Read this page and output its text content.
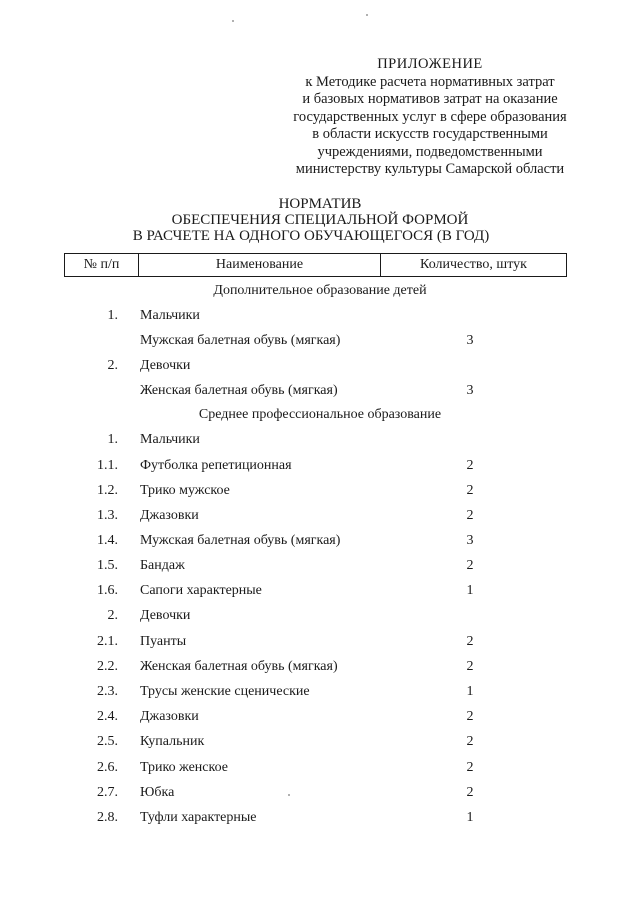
ПРИЛОЖЕНИЕ
к Методике расчета нормативных затрат
и базовых нормативов затрат на оказание
государственных услуг в сфере образования
в области искусств государственными
учреждениями, подведомственными
министерству культуры Самарской области
НОРМАТИВ
ОБЕСПЕЧЕНИЯ СПЕЦИАЛЬНОЙ ФОРМОЙ
В РАСЧЕТЕ НА ОДНОГО ОБУЧАЮЩЕГОСЯ (В ГОД)
№ п/п	Наименование	Количество, штук
Дополнительное образование детей
1. Мальчики
Мужская балетная обувь (мягкая)	3
2. Девочки
Женская балетная обувь (мягкая)	3
Среднее профессиональное образование
1. Мальчики
1.1. Футболка репетиционная	2
1.2. Трико мужское	2
1.3. Джазовки	2
1.4. Мужская балетная обувь (мягкая)	3
1.5. Бандаж	2
1.6. Сапоги характерные	1
2. Девочки
2.1. Пуанты	2
2.2. Женская балетная обувь (мягкая)	2
2.3. Трусы женские сценические	1
2.4. Джазовки	2
2.5. Купальник	2
2.6. Трико женское	2
2.7. Юбка	2
2.8. Туфли характерные	1
